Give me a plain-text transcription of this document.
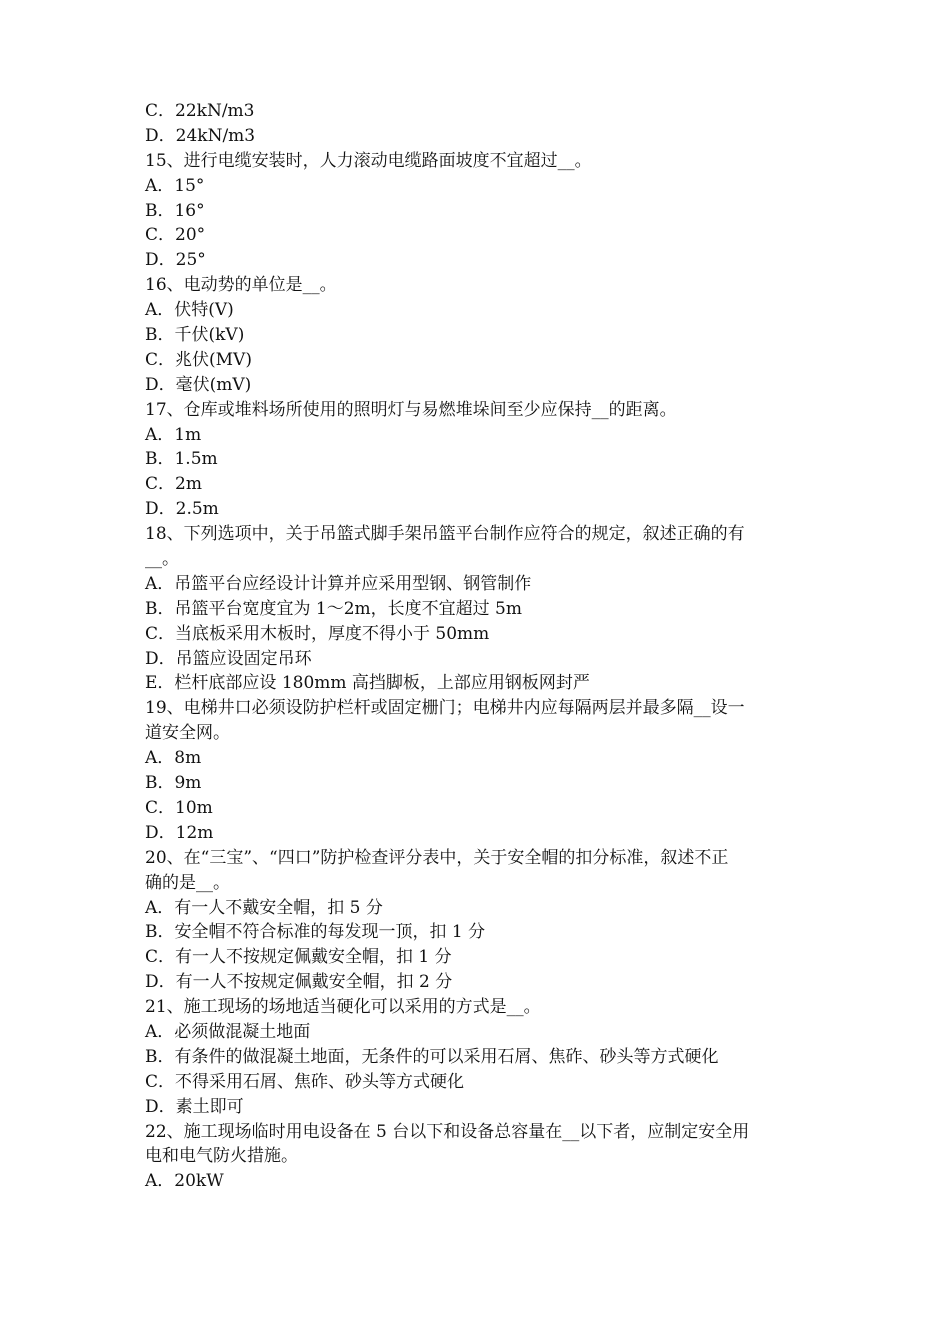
C．22kN/m3
D．24kN/m3
15、进行电缆安装时，人力滚动电缆路面坡度不宜超过__。
A．15°
B．16°
C．20°
D．25°
16、电动势的单位是__。
A．伏特(V)
B．千伏(kV)
C．兆伏(MV)
D．毫伏(mV)
17、仓库或堆料场所使用的照明灯与易燃堆垛间至少应保持__的距离。
A．1m
B．1.5m
C．2m
D．2.5m
18、下列选项中，关于吊篮式脚手架吊篮平台制作应符合的规定，叙述正确的有
__。
A．吊篮平台应经设计计算并应采用型钢、钢管制作
B．吊篮平台宽度宜为 1～2m，长度不宜超过 5m
C．当底板采用木板时，厚度不得小于 50mm
D．吊篮应设固定吊环
E．栏杆底部应设 180mm 高挡脚板，上部应用钢板网封严
19、电梯井口必须设防护栏杆或固定栅门；电梯井内应每隔两层并最多隔__设一
道安全网。
A．8m
B．9m
C．10m
D．12m
20、在“三宝”、“四口”防护检查评分表中，关于安全帽的扣分标准，叙述不正
确的是__。
A．有一人不戴安全帽，扣 5 分
B．安全帽不符合标准的每发现一顶，扣 1 分
C．有一人不按规定佩戴安全帽，扣 1 分
D．有一人不按规定佩戴安全帽，扣 2 分
21、施工现场的场地适当硬化可以采用的方式是__。
A．必须做混凝土地面
B．有条件的做混凝土地面，无条件的可以采用石屑、焦砟、砂头等方式硬化
C．不得采用石屑、焦砟、砂头等方式硬化
D．素土即可
22、施工现场临时用电设备在 5 台以下和设备总容量在__以下者，应制定安全用
电和电气防火措施。
A．20kW
